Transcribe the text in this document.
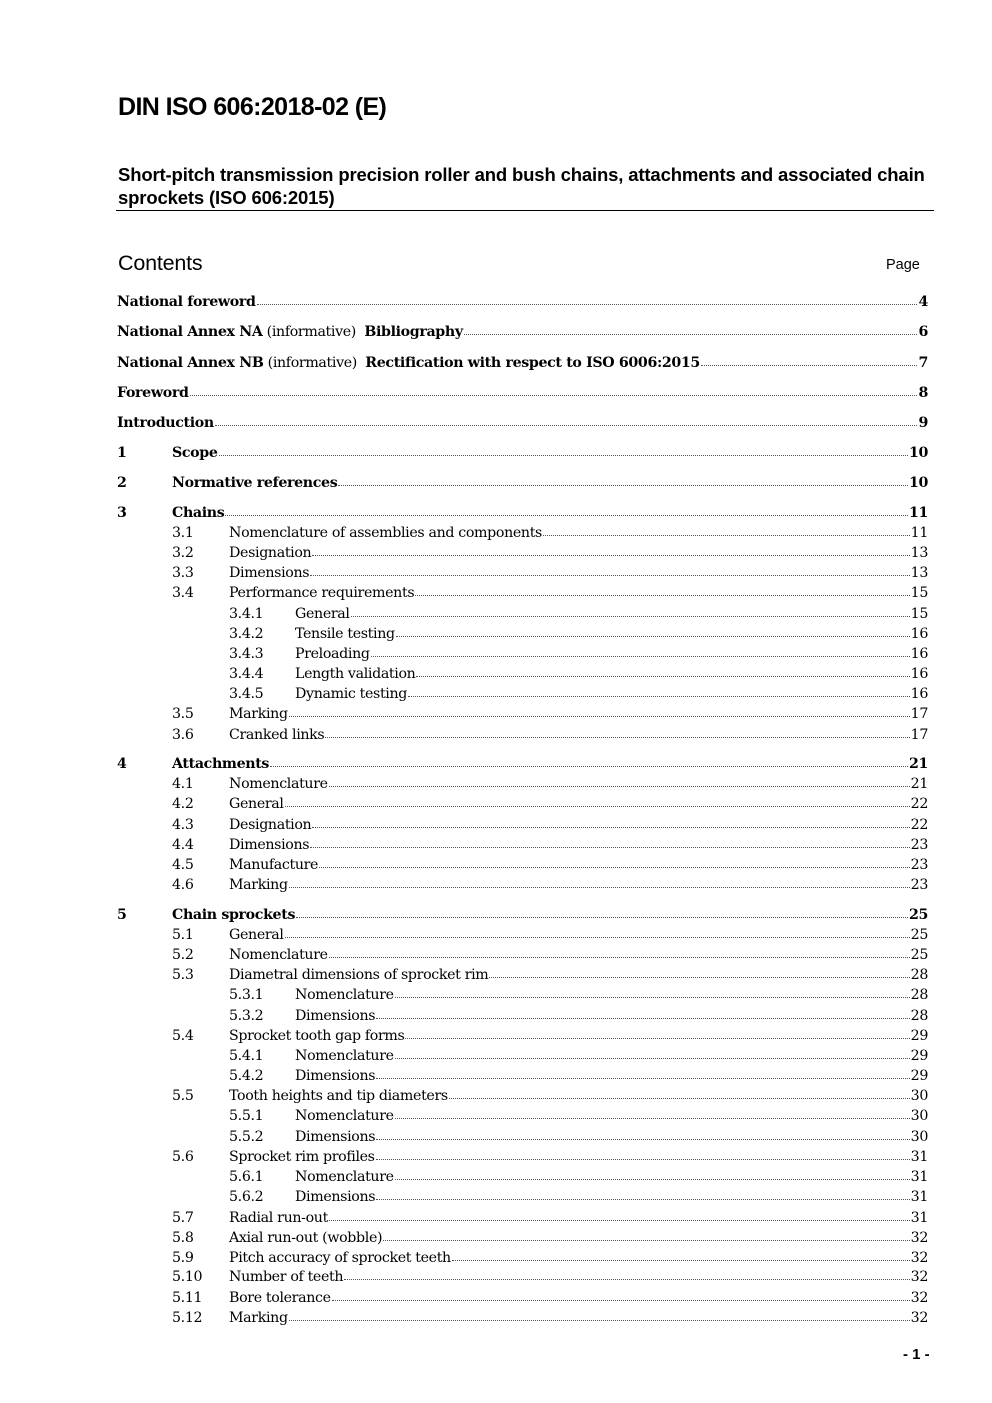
DIN ISO 606:2018-02 (E)
Short-pitch transmission precision roller and bush chains, attachments and associated chain sprockets (ISO 606:2015)
Contents	Page
National foreword	4
National Annex NA (informative)  Bibliography	6
National Annex NB (informative)  Rectification with respect to ISO 6006:2015	7
Foreword	8
Introduction	9
1	Scope	10
2	Normative references	10
3	Chains	11
3.1 Nomenclature of assemblies and components	11
3.2 Designation	13
3.3 Dimensions	13
3.4 Performance requirements	15
3.4.1 General	15
3.4.2 Tensile testing	16
3.4.3 Preloading	16
3.4.4 Length validation	16
3.4.5 Dynamic testing	16
3.5 Marking	17
3.6 Cranked links	17
4	Attachments	21
4.1 Nomenclature	21
4.2 General	22
4.3 Designation	22
4.4 Dimensions	23
4.5 Manufacture	23
4.6 Marking	23
5	Chain sprockets	25
5.1 General	25
5.2 Nomenclature	25
5.3 Diametral dimensions of sprocket rim	28
5.3.1 Nomenclature	28
5.3.2 Dimensions	28
5.4 Sprocket tooth gap forms	29
5.4.1 Nomenclature	29
5.4.2 Dimensions	29
5.5 Tooth heights and tip diameters	30
5.5.1 Nomenclature	30
5.5.2 Dimensions	30
5.6 Sprocket rim profiles	31
5.6.1 Nomenclature	31
5.6.2 Dimensions	31
5.7 Radial run-out	31
5.8 Axial run-out (wobble)	32
5.9 Pitch accuracy of sprocket teeth	32
5.10 Number of teeth	32
5.11 Bore tolerance	32
5.12 Marking	32
- 1 -
